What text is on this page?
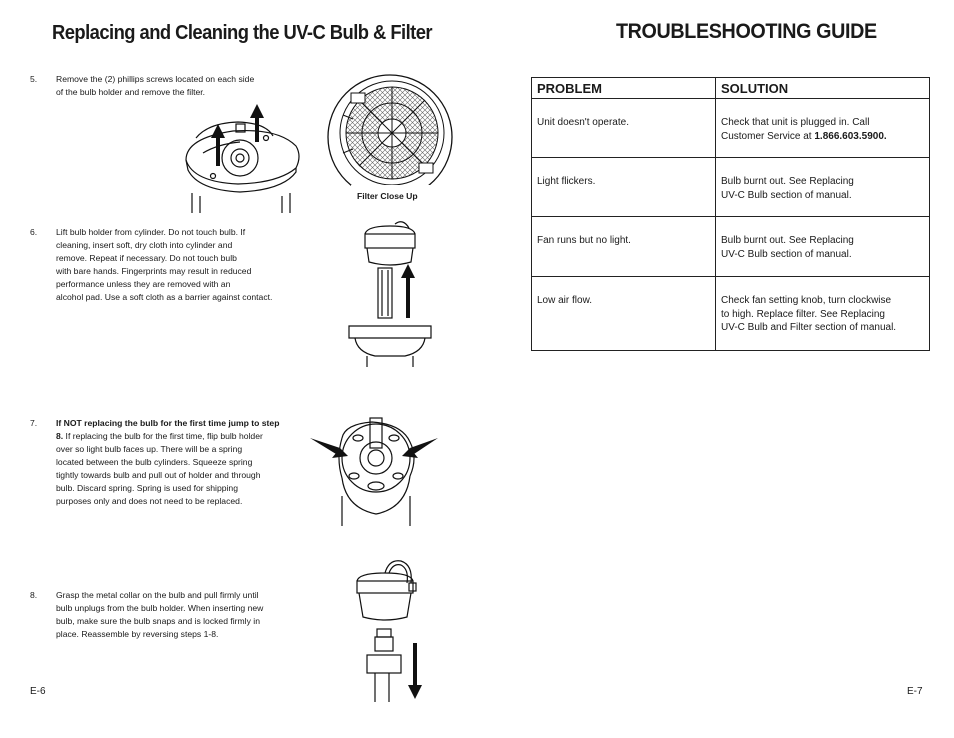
Replacing and Cleaning the UV-C Bulb & Filter
5. Remove the (2) phillips screws located on each side
of the bulb holder and remove the filter.
6. Lift bulb holder from cylinder. Do not touch bulb. If
cleaning, insert soft, dry cloth into cylinder and
remove. Repeat if necessary. Do not touch bulb
with bare hands. Fingerprints may result in reduced
performance unless they are removed with an
alcohol pad. Use a soft cloth as a barrier against contact.
7. If NOT replacing the bulb for the first time jump to step
8. If replacing the bulb for the first time, flip bulb holder
over so light bulb faces up. There will be a spring
located between the bulb cylinders. Squeeze spring
tightly towards bulb and pull out of holder and through
bulb. Discard spring. Spring is used for shipping
purposes only and does not need to be replaced.
8. Grasp the metal collar on the bulb and pull firmly until
bulb unplugs from the bulb holder. When inserting new
bulb, make sure the bulb snaps and is locked firmly in
place. Reassemble by reversing steps 1-8.
Filter Close Up
E-6
TROUBLESHOOTING GUIDE
PROBLEM	SOLUTION

Unit doesn't operate.	Check that unit is plugged in. Call
Customer Service at 1.866.603.5900.

Light flickers.	Bulb burnt out. See Replacing
UV-C Bulb section of manual.

Fan runs but no light.	Bulb burnt out. See Replacing
UV-C Bulb section of manual.

Low air flow.	Check fan setting knob, turn clockwise
to high. Replace filter. See Replacing
UV-C Bulb and Filter section of manual.
E-7
